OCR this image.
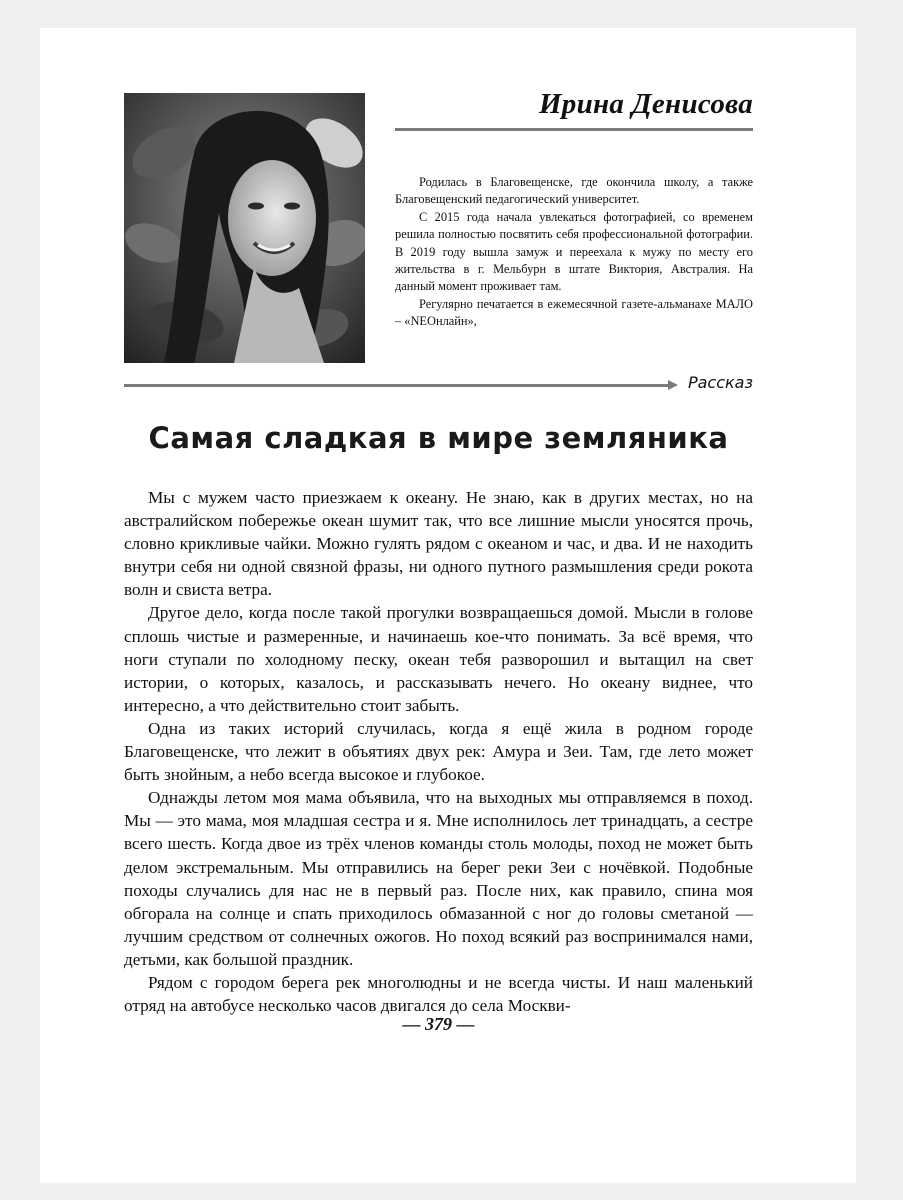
Ирина Денисова

Родилась в Благовещенске, где окончила школу, а также Благовещенский педагогический университет.

С 2015 года начала увлекаться фотографией, со временем решила полностью посвятить себя профессиональной фотографии. В 2019 году вышла замуж и переехала к мужу по месту его жительства в г. Мельбурн в штате Виктория, Австралия. На данный момент проживает там.

Регулярно печатается в ежемесячной газете-альманахе МАЛО – «NEOнлайн»,

Рассказ
Самая сладкая в мире земляника

Мы с мужем часто приезжаем к океану. Не знаю, как в других местах, но на австралийском побережье океан шумит так, что все лишние мысли уносятся прочь, словно крикливые чайки. Можно гулять рядом с океаном и час, и два. И не находить внутри себя ни одной связной фразы, ни одного путного размышления среди рокота волн и свиста ветра.

Другое дело, когда после такой прогулки возвращаешься домой. Мысли в голове сплошь чистые и размеренные, и начинаешь кое-что понимать. За всё время, что ноги ступали по холодному песку, океан тебя разворошил и вытащил на свет истории, о которых, казалось, и рассказывать нечего. Но океану виднее, что интересно, а что действительно стоит забыть.

Одна из таких историй случилась, когда я ещё жила в родном городе Благовещенске, что лежит в объятиях двух рек: Амура и Зеи. Там, где лето может быть знойным, а небо всегда высокое и глубокое.

Однажды летом моя мама объявила, что на выходных мы отправляемся в поход. Мы — это мама, моя младшая сестра и я. Мне исполнилось лет тринадцать, а сестре всего шесть. Когда двое из трёх членов команды столь молоды, поход не может быть делом экстремальным. Мы отправились на берег реки Зеи с ночёвкой. Подобные походы случались для нас не в первый раз. После них, как правило, спина моя обгорала на солнце и спать приходилось обмазанной с ног до головы сметаной — лучшим средством от солнечных ожогов. Но поход всякий раз воспринимался нами, детьми, как большой праздник.

Рядом с городом берега рек многолюдны и не всегда чисты. И наш маленький отряд на автобусе несколько часов двигался до села Москви-

— 379 —
